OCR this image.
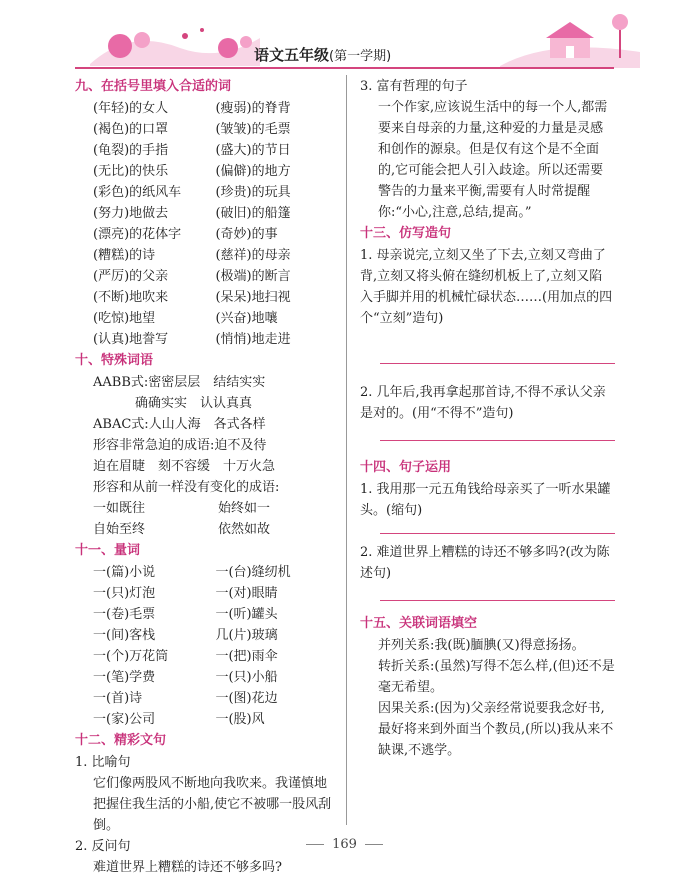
语文五年级(第一学期)
九、在括号里填入合适的词
(年轻)的女人	(瘦弱)的脊背
(褐色)的口罩	(皱皱)的毛票
(龟裂)的手指	(盛大)的节日
(无比)的快乐	(偏僻)的地方
(彩色)的纸风车	(珍贵)的玩具
(努力)地做去	(破旧)的船篷
(漂亮)的花体字	(奇妙)的事
(糟糕)的诗	(慈祥)的母亲
(严厉)的父亲	(极端)的断言
(不断)地吹来	(呆呆)地扫视
(吃惊)地望	(兴奋)地嚷
(认真)地誊写	(悄悄)地走进
十、特殊词语
AABB式:密密层层　结结实实
确确实实　认认真真
ABAC式:人山人海　各式各样
形容非常急迫的成语:迫不及待
迫在眉睫　刻不容缓　十万火急
形容和从前一样没有变化的成语:
一如既往	始终如一
自始至终	依然如故
十一、量词
一(篇)小说	一(台)缝纫机
一(只)灯泡	一(对)眼睛
一(卷)毛票	一(听)罐头
一(间)客栈	几(片)玻璃
一(个)万花筒	一(把)雨伞
一(笔)学费	一(只)小船
一(首)诗	一(图)花边
一(家)公司	一(股)风
十二、精彩文句
1. 比喻句
它们像两股风不断地向我吹来。我谨慎地把握住我生活的小船,使它不被哪一股风刮倒。
2. 反问句
难道世界上糟糕的诗还不够多吗?
3. 富有哲理的句子
一个作家,应该说生活中的每一个人,都需要来自母亲的力量,这种爱的力量是灵感和创作的源泉。但是仅有这个是不全面的,它可能会把人引入歧途。所以还需要警告的力量来平衡,需要有人时常提醒你:“小心,注意,总结,提高。”
十三、仿写造句
1. 母亲说完,立刻又坐了下去,立刻又弯曲了背,立刻又将头俯在缝纫机板上了,立刻又陷入手脚并用的机械忙碌状态……(用加点的四个“立刻”造句)
2. 几年后,我再拿起那首诗,不得不承认父亲是对的。(用“不得不”造句)
十四、句子运用
1. 我用那一元五角钱给母亲买了一听水果罐头。(缩句)
2. 难道世界上糟糕的诗还不够多吗?(改为陈述句)
十五、关联词语填空
并列关系:我(既)腼腆(又)得意扬扬。
转折关系:(虽然)写得不怎么样,(但)还不是毫无希望。
因果关系:(因为)父亲经常说要我念好书,最好将来到外面当个教员,(所以)我从来不缺课,不逃学。
169
